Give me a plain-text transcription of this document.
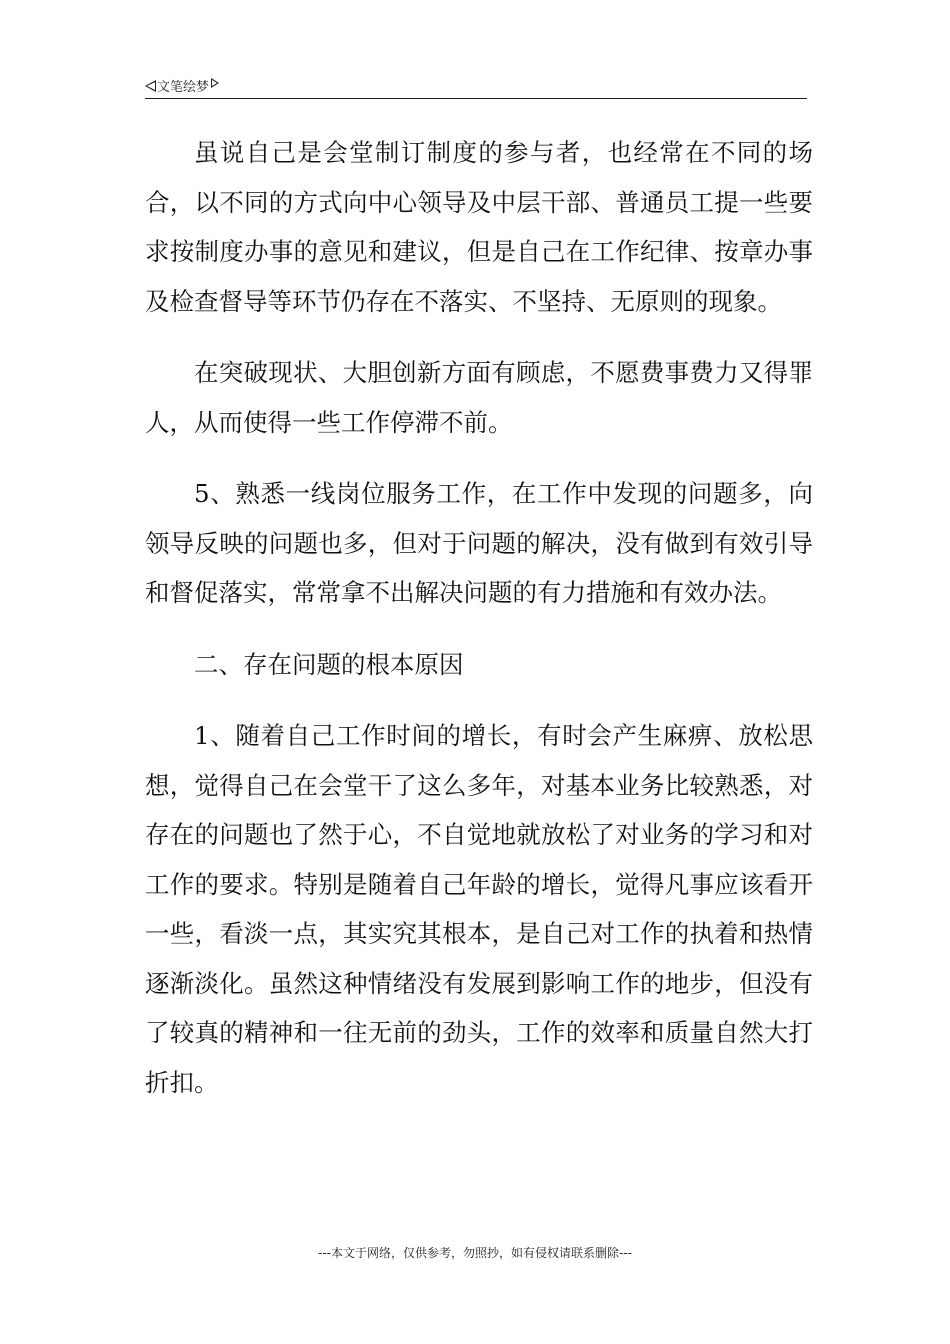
文笔绘梦

虽说自己是会堂制订制度的参与者，也经常在不同的场合，以不同的方式向中心领导及中层干部、普通员工提一些要求按制度办事的意见和建议，但是自己在工作纪律、按章办事及检查督导等环节仍存在不落实、不坚持、无原则的现象。

在突破现状、大胆创新方面有顾虑，不愿费事费力又得罪人，从而使得一些工作停滞不前。

5、熟悉一线岗位服务工作，在工作中发现的问题多，向领导反映的问题也多，但对于问题的解决，没有做到有效引导和督促落实，常常拿不出解决问题的有力措施和有效办法。

二、存在问题的根本原因

1、随着自己工作时间的增长，有时会产生麻痹、放松思想，觉得自己在会堂干了这么多年，对基本业务比较熟悉，对存在的问题也了然于心，不自觉地就放松了对业务的学习和对工作的要求。特别是随着自己年龄的增长，觉得凡事应该看开一些，看淡一点，其实究其根本，是自己对工作的执着和热情逐渐淡化。虽然这种情绪没有发展到影响工作的地步，但没有了较真的精神和一往无前的劲头，工作的效率和质量自然大打折扣。

---本文于网络，仅供参考，勿照抄，如有侵权请联系删除---
